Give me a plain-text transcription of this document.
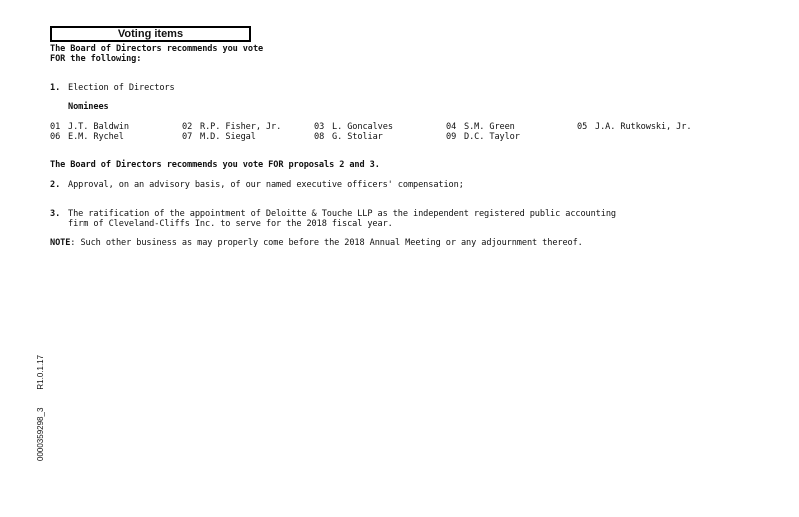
Voting items
The Board of Directors recommends you vote
FOR the following:
1. Election of Directors
Nominees
01 J.T. Baldwin	02 R.P. Fisher, Jr.	03 L. Goncalves	04 S.M. Green	05 J.A. Rutkowski, Jr.
06 E.M. Rychel	07 M.D. Siegal	08 G. Stoliar	09 D.C. Taylor
The Board of Directors recommends you vote FOR proposals 2 and 3.
2. Approval, on an advisory basis, of our named executive officers' compensation;
3. The ratification of the appointment of Deloitte & Touche LLP as the independent registered public accounting
firm of Cleveland-Cliffs Inc. to serve for the 2018 fiscal year.
NOTE: Such other business as may properly come before the 2018 Annual Meeting or any adjournment thereof.
0000359298_3R1.0.1.17
